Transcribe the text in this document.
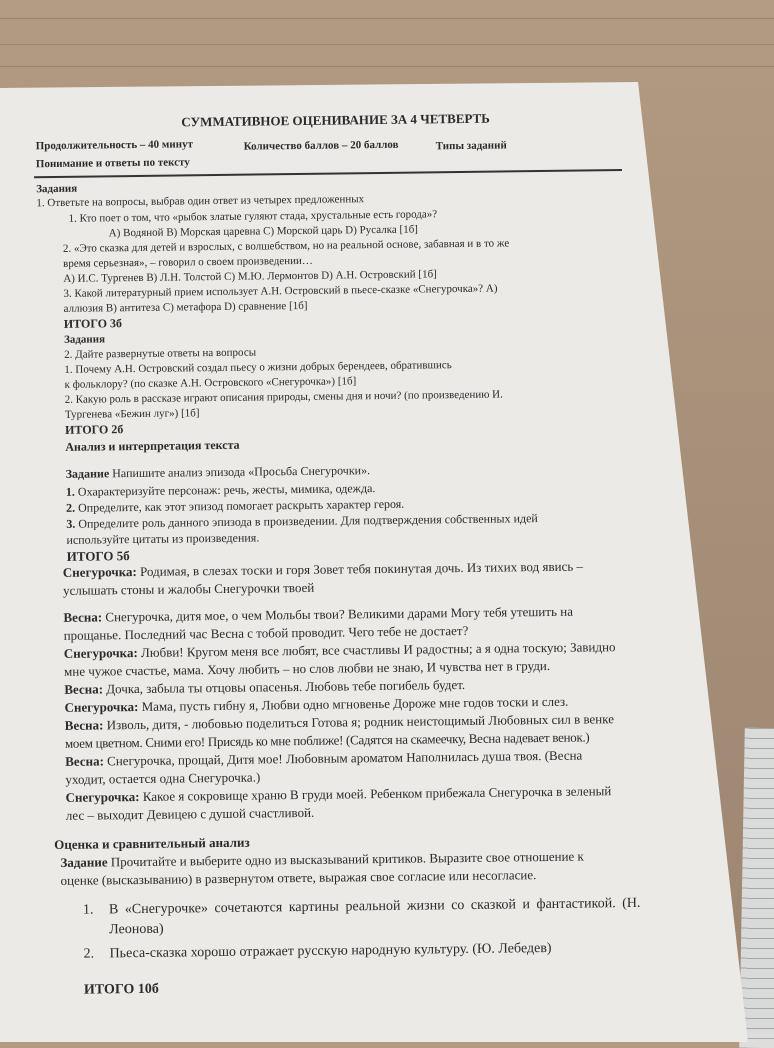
СУММАТИВНОЕ ОЦЕНИВАНИЕ ЗА 4 ЧЕТВЕРТЬ
Продолжительность – 40 минут	Количество баллов – 20 баллов	Типы заданий
Понимание и ответы по тексту
Задания
1. Ответьте на вопросы, выбрав один ответ из четырех предложенных
1. Кто поет о том, что «рыбок златые гуляют стада, хрустальные есть города»?
A) Водяной B) Морская царевна C) Морской царь D) Русалка [1б]
2. «Это сказка для детей и взрослых, с волшебством, но на реальной основе, забавная и в то же
время серьезная», – говорил о своем произведении…
A) И.С. Тургенев B) Л.Н. Толстой C) М.Ю. Лермонтов D) А.Н. Островский [1б]
3. Какой литературный прием использует А.Н. Островский в пьесе-сказке «Снегурочка»? A)
аллюзия B) антитеза C) метафора D) сравнение [1б]
ИТОГО 3б
Задания
2. Дайте развернутые ответы на вопросы
1. Почему А.Н. Островский создал пьесу о жизни добрых берендеев, обратившись
к фольклору? (по сказке А.Н. Островского «Снегурочка») [1б]
2. Какую роль в рассказе играют описания природы, смены дня и ночи? (по произведению И.
Тургенева «Бежин луг») [1б]
ИТОГО 2б
Анализ и интерпретация текста
Задание Напишите анализ эпизода «Просьба Снегурочки».
1. Охарактеризуйте персонаж: речь, жесты, мимика, одежда.
2. Определите, как этот эпизод помогает раскрыть характер героя.
3. Определите роль данного эпизода в произведении. Для подтверждения собственных идей
используйте цитаты из произведения.
ИТОГО 5б
Снегурочка: Родимая, в слезах тоски и горя Зовет тебя покинутая дочь. Из тихих вод явись –
услышать стоны и жалобы Снегурочки твоей
Весна: Снегурочка, дитя мое, о чем Мольбы твои? Великими дарами Могу тебя утешить на
прощанье. Последний час Весна с тобой проводит. Чего тебе не достает?
Снегурочка: Любви! Кругом меня все любят, все счастливы И радостны; а я одна тоскую; Завидно
мне чужое счастье, мама. Хочу любить – но слов любви не знаю, И чувства нет в груди.
Весна: Дочка, забыла ты отцовы опасенья. Любовь тебе погибель будет.
Снегурочка: Мама, пусть гибну я, Любви одно мгновенье Дороже мне годов тоски и слез.
Весна: Изволь, дитя, - любовью поделиться Готова я; родник неистощимый Любовных сил в венке
моем цветном. Сними его! Присядь ко мне поближе! (Садятся на скамеечку, Весна надевает венок.)
Весна: Снегурочка, прощай, Дитя мое! Любовным ароматом Наполнилась душа твоя. (Весна
уходит, остается одна Снегурочка.)
Снегурочка: Какое я сокровище храню В груди моей. Ребенком прибежала Снегурочка в зеленый
лес – выходит Девицею с душой счастливой.
Оценка и сравнительный анализ
Задание Прочитайте и выберите одно из высказываний критиков. Выразите свое отношение к
оценке (высказыванию) в развернутом ответе, выражая свое согласие или несогласие.
1. В «Снегурочке» сочетаются картины реальной жизни со сказкой и фантастикой. (Н.
Леонова)
2. Пьеса-сказка хорошо отражает русскую народную культуру. (Ю. Лебедев)
ИТОГО 10б
